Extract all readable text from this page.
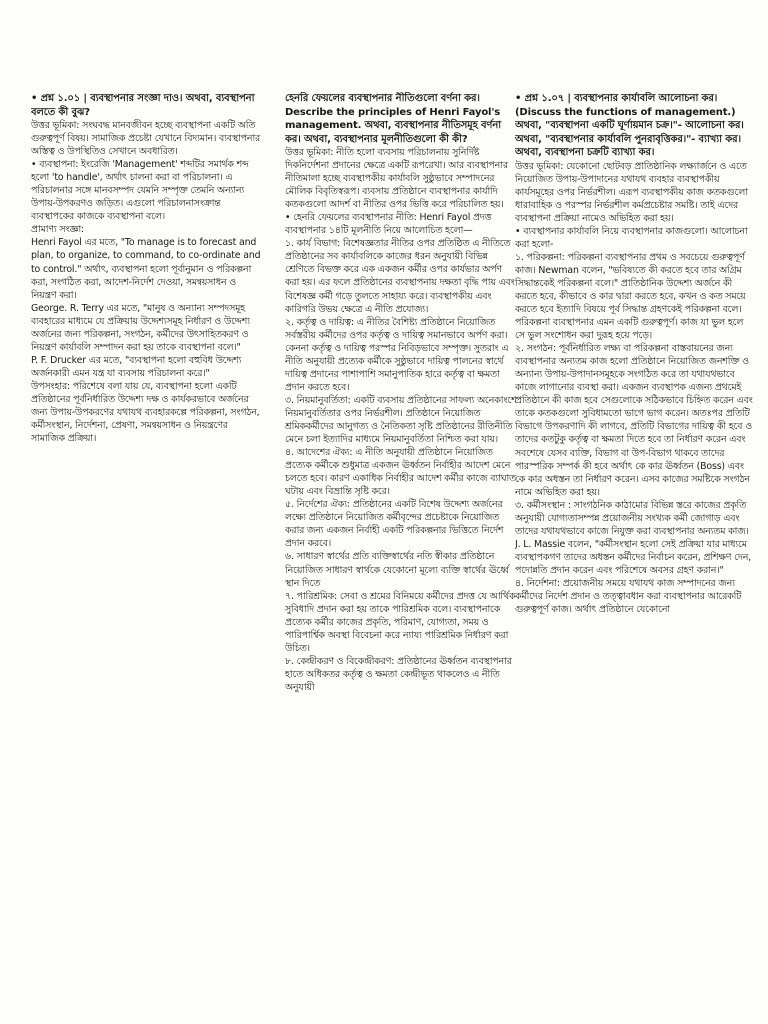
• প্রশ্ন ১.০১ | ব্যবস্থাপনার সংজ্ঞা দাও। অথবা, ব্যবস্থাপনা বলতে কী বুঝ?

উত্তর ভূমিকা: সংঘবদ্ধ মানবজীবন হচ্ছে ব্যবস্থাপনা একটি অতি গুরুত্বপূর্ণ বিষয়। সামাজিক প্রচেষ্টা যেখানে বিদ্যমান। ব্যবস্থাপনার অস্তিত্ব ও উপস্থিতিও সেখানে অবধারিত।

• ব্যবস্থাপনা: ইংরেজি 'Management' শব্দটির সমার্থক শব্দ হলো 'to handle', অর্থাৎ চালনা করা বা পরিচালনা। এ পরিচালনার সঙ্গে মানবসম্পদ যেমনি সম্পৃক্ত তেমনি অন্যান্য উপায়-উপকরণও জড়িত। এগুলো পরিচালনাসংক্রান্ত ব্যবস্থাপকের কাজকে ব্যবস্থাপনা বলে।

প্রামাণ্য সংজ্ঞা:

Henri Fayol এর মতে, "To manage is to forecast and plan, to organize, to command, to co-ordinate and to control." অর্থাৎ, ব্যবস্থাপনা হলো পূর্বানুমান ও পরিকল্পনা করা, সংগঠিত করা, আদেশ-নির্দেশ দেওয়া, সমন্বয়সাধন ও নিয়ন্ত্রণ করা।

George. R. Terry এর মতে, "মানুষ ও অন্যান্য সম্পদসমূহ ব্যবহারের মাধ্যমে যে প্রক্রিয়ায় উদ্দেশ্যসমূহ নির্ধারণ ও উদ্দেশ্য অর্জনের জন্য পরিকল্পনা, সংগঠন, কর্মীদের উৎসাহিতকরণ ও নিয়ন্ত্রণ কার্যাবলি সম্পাদন করা হয় তাকে ব্যবস্থাপনা বলে।"

P. F. Drucker এর মতে, "ব্যবস্থাপনা হলো বহুবিধ উদ্দেশ্য অর্জনকারী এমন যন্ত্র যা ব্যবসায় পরিচালনা করে।"

উপসংহার: পরিশেষে বলা যায় যে, ব্যবস্থাপনা হলো একটি প্রতিষ্ঠানের পূর্বনির্ধারিত উদ্দেশ্য দক্ষ ও কার্যকরভাবে অর্জনের জন্য উপায়-উপকরণের যথাযথ ব্যবহারকল্পে পরিকল্পনা, সংগঠন, কর্মীসংস্থান, নির্দেশনা, প্রেষণা, সমন্বয়সাধন ও নিয়ন্ত্রণের সামাজিক প্রক্রিয়া।

হেনরি ফেয়লের ব্যবস্থাপনার নীতিগুলো বর্ণনা কর। Describe the principles of Henri Fayol's management. অথবা, ব্যবস্থাপনার নীতিসমূহ বর্ণনা কর। অথবা, ব্যবস্থাপনার মূলনীতিগুলো কী কী?

উত্তর ভূমিকা: নীতি হলো ব্যবসায় পরিচালনায় সুনির্দিষ্ট দিকনির্দেশনা প্রদানের ক্ষেত্রে একটি রূপরেখা। আর ব্যবস্থাপনার নীতিমালা হচ্ছে ব্যবস্থাপকীয় কার্যাবলি সুষ্ঠুভাবে সম্পাদনের মৌলিক বিবৃতিস্বরূপ। ব্যবসায় প্রতিষ্ঠানে ব্যবস্থাপনার কার্যাদি কতকগুলো আদর্শ বা নীতির ওপর ভিত্তি করে পরিচালিত হয়।

• হেনরি ফেয়লের ব্যবস্থাপনার নীতি: Henri Fayol প্রদত্ত ব্যবস্থাপনার ১৪টি মূলনীতি নিয়ে আলোচিত হলো—

১. কার্য বিভাগ: বিশেষজ্ঞতার নীতির ওপর প্রতিষ্ঠিত এ নীতিতে প্রতিষ্ঠানের সব কার্যাবলিকে কাজের ধরন অনুযায়ী বিভিন্ন শ্রেণিতে বিভক্ত করে এক একজন কর্মীর ওপর কার্যভার অর্পণ করা হয়। এর ফলে প্রতিষ্ঠানের ব্যবস্থাপনায় দক্ষতা বৃদ্ধি পায় এবং বিশেষজ্ঞ কর্মী গড়ে তুলতে সাহায্য করে। ব্যবস্থাপকীয় এবং কারিগরি উভয় ক্ষেত্রে এ নীতি প্রযোজ্য।

২. কর্তৃত্ব ও দায়িত্ব: এ নীতির বৈশিষ্ট্য প্রতিষ্ঠানে নিয়োজিত সর্বস্তরীয় কর্মীদের ওপর কর্তৃত্ব ও দায়িত্ব সমানভাবে অর্পণ করা। কেননা কর্তৃত্ব ও দায়িত্ব পরস্পর নিবিড়ভাবে সম্পৃক্ত। সুতরাং এ নীতি অনুযায়ী প্রত্যেক কর্মীকে সুষ্ঠুভাবে দায়িত্ব পালনের স্বার্থে দায়িত্ব প্রদানের পাশাপাশি সমানুপাতিক হারে কর্তৃত্ব বা ক্ষমতা প্রদান করতে হবে।

৩. নিয়মানুবর্তিতা: একটি ব্যবসায় প্রতিষ্ঠানের সাফল্য অনেকাংশে নিয়মানুবর্তিতার ওপর নির্ভরশীল। প্রতিষ্ঠানে নিয়োজিত শ্রমিককর্মীদের আনুগত্য ও নৈতিকতা সৃষ্টি প্রতিষ্ঠানের রীতিনীতি মেনে চলা ইত্যাদির মাধ্যমে নিয়মানুবর্তিতা নিশ্চিত করা যায়।

৪. আদেশের ঐক্য: এ নীতি অনুযায়ী প্রতিষ্ঠানে নিয়োজিত প্রত্যেক কর্মীকে শুধুমাত্র একজন ঊর্ধ্বতন নির্বাহীর আদেশ মেনে চলতে হবে। কারণ একাধিক নির্বাহীর আদেশ কর্মীর কাজে ব্যাঘাত ঘটায় এবং বিভ্রান্তি সৃষ্টি করে।

৫. নির্দেশের ঐক্য: প্রতিষ্ঠানের একটি বিশেষ উদ্দেশ্য অর্জনের লক্ষ্যে প্রতিষ্ঠানে নিয়োজিত কর্মীবৃন্দের প্রচেষ্টাকে নিয়োজিত করার জন্য একজন নির্বাহী একটি পরিকল্পনার ভিত্তিতে নির্দেশ প্রদান করবে।

৬. সাধারণ স্বার্থের প্রতি ব্যক্তিস্বার্থের নতি স্বীকার প্রতিষ্ঠানে নিয়োজিত সাধারণ স্বার্থকে যেকোনো মূল্যে ব্যক্তি স্বার্থের ঊর্ধ্বে স্থান দিতে

৭. পারিশ্রমিক: সেবা ও শ্রমের বিনিময়ে কর্মীদের প্রদত্ত যে আর্থিক সুবিধাদি প্রদান করা হয় তাকে পারিশ্রমিক বলে। ব্যবস্থাপনাকে প্রত্যেক কর্মীর কাজের প্রকৃতি, পরিমাণ, যোগ্যতা, সময় ও পারিপার্শ্বিক অবস্থা বিবেচনা করে ন্যায্য পারিশ্রমিক নির্ধারণ করা উচিত।

৮. কেন্দ্রীকরণ ও বিকেন্দ্রীকরণ: প্রতিষ্ঠানের ঊর্ধ্বতন ব্যবস্থাপনার হাতে অধিকতর কর্তৃত্ব ও ক্ষমতা কেন্দ্রীভূত থাকলেও এ নীতি অনুযায়ী

• প্রশ্ন ১.০৭ | ব্যবস্থাপনার কার্যাবলি আলোচনা কর। (Discuss the functions of management.) অথবা, "ব্যবস্থাপনা একটি ঘূর্ণায়মান চক্র।"- আলোচনা কর। অথবা, "ব্যবস্থাপনার কার্যাবলি পুনরাবৃত্তিকর।"- ব্যাখ্যা কর। অথবা, ব্যবস্থাপনা চক্রটি ব্যাখ্যা কর।

উত্তর ভূমিকা: যেকোনো ছোটবড় প্রাতিষ্ঠানিক লক্ষ্যার্জনে ও এতে নিয়োজিত উপায়-উপাদানের যথাযথ ব্যবহার ব্যবস্থাপকীয় কার্যসমূহের ওপর নির্ভরশীল। এরূপ ব্যবস্থাপকীয় কাজ কতকগুলো ধারাবাহিক ও পরস্পর নির্ভরশীল কর্মপ্রচেষ্টার সমষ্টি। তাই এদের ব্যবস্থাপনা প্রক্রিয়া নামেও অভিহিত করা হয়।

• ব্যবস্থাপনার কার্যাবলি নিয়ে ব্যবস্থাপনার কাজগুলো। আলোচনা করা হলো-

১. পরিকল্পনা: পরিকল্পনা ব্যবস্থাপনার প্রথম ও সবচেয়ে গুরুত্বপূর্ণ কাজ। Newman বলেন, "ভবিষ্যতে কী করতে হবে তার অগ্রিম সিদ্ধান্তকেই পরিকল্পনা বলে।" প্রাতিষ্ঠানিক উদ্দেশ্য অর্জনে কী করতে হবে, কীভাবে ও কার দ্বারা করতে হবে, কখন ও কত সময়ে করতে হবে ইত্যাদি বিষয়ে পূর্ব সিদ্ধান্ত গ্রহণকেই পরিকল্পনা বলে। পরিকল্পনা ব্যবস্থাপনার এমন একটি গুরুত্বপূর্ণ। কাজ যা ভুল হলে সে ভুল সংশোধন করা দুরূহ হয়ে পড়ে।

২. সংগঠন: পূর্বনির্ধারিত লক্ষ্য বা পরিকল্পনা বাস্তবায়নের জন্য ব্যবস্থাপনার অন্যতম কাজ হলো প্রতিষ্ঠানে নিয়োজিত জনশক্তি ও অন্যান্য উপায়-উপাদানসমূহকে সংগঠিত করে তা যথাযথভাবে কাজে লাগানোর ব্যবস্থা করা। একজন ব্যবস্থাপক এজন্য প্রথমেই প্রতিষ্ঠানে কী কাজ হবে সেগুলোকে সঠিকভাবে চিহ্নিত করেন এবং তাকে কতকগুলো সুবিধামতো ভাগে ভাগ করেন। অতঃপর প্রতিটি বিভাগে উপকরণাদি কী লাগবে, প্রতিটি বিভাগের দায়িত্ব কী হবে ও তাদের কতটুকু কর্তৃত্ব বা ক্ষমতা দিতে হবে তা নির্ধারণ করেন এবং সবশেষে যেসব ব্যক্তি, বিভাগ বা উপ-বিভাগ থাকবে তাদের পারস্পরিক সম্পর্ক কী হবে অর্থাৎ কে কার ঊর্ধ্বতন (Boss) এবং কে কার অধস্তন তা নির্ধারণ করেন। এসব কাজের সমষ্টিকে সংগঠন নামে অভিহিত করা হয়।

৩. কর্মীসংস্থান : সাংগঠনিক কাঠামোর বিভিন্ন স্তরে কাজের প্রকৃতি অনুযায়ী যোগ্যতাসম্পন্ন প্রয়োজনীয় সংখ্যক কর্মী জোগাড় এবং তাদের যথাযথভাবে কাজে নিযুক্ত করা ব্যবস্থাপনার অন্যতম কাজ। J. L. Massie বলেন, "কর্মীসংস্থান হলো সেই প্রক্রিয়া যার মাধ্যমে ব্যবস্থাপকগণ তাদের অধস্তন কর্মীদের নির্বাচন করেন, প্রশিক্ষণ দেন, পদোন্নতি প্রদান করেন এবং পরিশেষে অবসর গ্রহণ করান।"

৪. নির্দেশনা: প্রয়োজনীয় সময়ে যথাযথ কাজ সম্পাদনের জন্য কর্মীদের নির্দেশ প্রদান ও তত্ত্বাবধান করা ব্যবস্থাপনার আরেকটি গুরুত্বপূর্ণ কাজ। অর্থাৎ প্রতিষ্ঠানে যেকোনো
